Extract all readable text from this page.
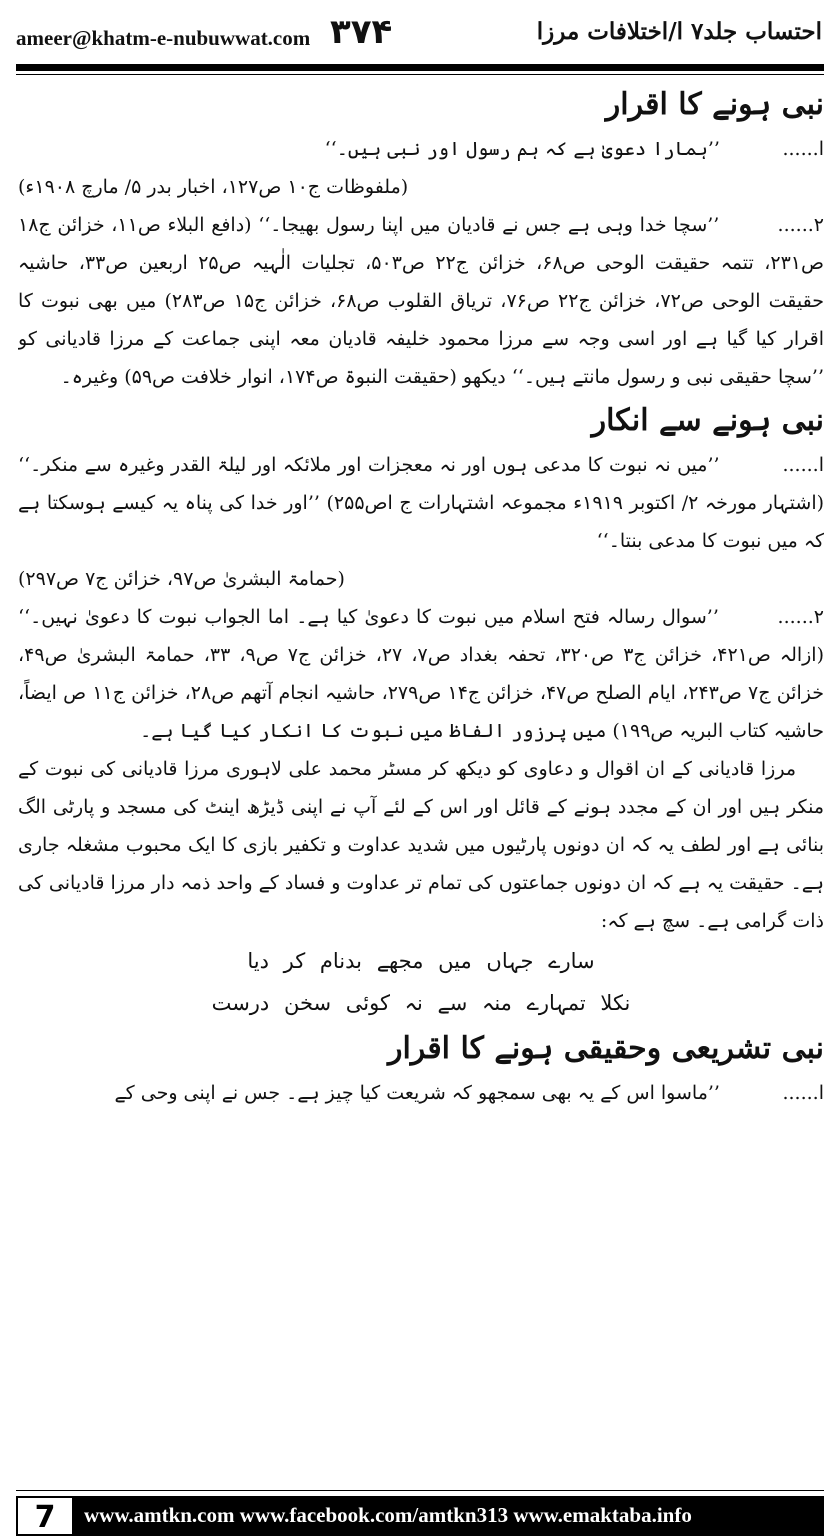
ameer@khatm-e-nubuwwat.com ۳۷۴	احتساب جلد۷ ا/اختلافات مرزا

نبی ہونے کا اقرار

ا...... ’’ہمارا دعویٰ ہے کہ ہم رسول اور نبی ہیں۔‘‘

(ملفوظات ج۱۰ ص۱۲۷، اخبار بدر ۵/ مارچ ۱۹۰۸ء)

۲...... ’’سچا خدا وہی ہے جس نے قادیان میں اپنا رسول بھیجا۔‘‘ (دافع البلاء ص۱۱، خزائن ج۱۸ ص۲۳۱، تتمہ حقیقت الوحی ص۶۸، خزائن ج۲۲ ص۵۰۳، تجلیات الٰہیہ ص۲۵ اربعین ص۳۳، حاشیہ حقیقت الوحی ص۷۲، خزائن ج۲۲ ص۷۶، تریاق القلوب ص۶۸، خزائن ج۱۵ ص۲۸۳) میں بھی نبوت کا اقرار کیا گیا ہے اور اسی وجہ سے مرزا محمود خلیفہ قادیان معہ اپنی جماعت کے مرزا قادیانی کو ’’سچا حقیقی نبی و رسول مانتے ہیں۔‘‘ دیکھو (حقیقت النبوۃ ص۱۷۴، انوار خلافت ص۵۹) وغیرہ۔

نبی ہونے سے انکار

ا...... ’’میں نہ نبوت کا مدعی ہوں اور نہ معجزات اور ملائکہ اور لیلۃ القدر وغیرہ سے منکر۔‘‘ (اشتہار مورخہ ۲/ اکتوبر ۱۹۱۹ء مجموعہ اشتہارات ج اص۲۵۵) ’’اور خدا کی پناہ یہ کیسے ہوسکتا ہے کہ میں نبوت کا مدعی بنتا۔‘‘

(حمامۃ البشریٰ ص۹۷، خزائن ج۷ ص۲۹۷)

۲...... ’’سوال رسالہ فتح اسلام میں نبوت کا دعویٰ کیا ہے۔ اما الجواب نبوت کا دعویٰ نہیں۔‘‘ (ازالہ ص۴۲۱، خزائن ج۳ ص۳۲۰، تحفہ بغداد ص۷، ۲۷، خزائن ج۷ ص۹، ۳۳، حمامۃ البشریٰ ص۴۹، خزائن ج۷ ص۲۴۳، ایام الصلح ص۴۷، خزائن ج۱۴ ص۲۷۹، حاشیہ انجام آتھم ص۲۸، خزائن ج۱۱ ص ایضاً، حاشیہ کتاب البریہ ص۱۹۹) میں پرزور الفاظ میں نبوت کا انکار کیا گیا ہے۔

مرزا قادیانی کے ان اقوال و دعاوی کو دیکھ کر مسٹر محمد علی لاہوری مرزا قادیانی کی نبوت کے منکر ہیں اور ان کے مجدد ہونے کے قائل اور اس کے لئے آپ نے اپنی ڈیڑھ اینٹ کی مسجد و پارٹی الگ بنائی ہے اور لطف یہ کہ ان دونوں پارٹیوں میں شدید عداوت و تکفیر بازی کا ایک محبوب مشغلہ جاری ہے۔ حقیقت یہ ہے کہ ان دونوں جماعتوں کی تمام تر عداوت و فساد کے واحد ذمہ دار مرزا قادیانی کی ذات گرامی ہے۔ سچ ہے کہ:

سارے جہاں میں مجھے بدنام کر دیا

نکلا تمہارے منہ سے نہ کوئی سخن درست

نبی تشریعی وحقیقی ہونے کا اقرار

ا...... ’’ماسوا اس کے یہ بھی سمجھو کہ شریعت کیا چیز ہے۔ جس نے اپنی وحی کے

7	www.amtkn.com www.facebook.com/amtkn313 www.emaktaba.info
